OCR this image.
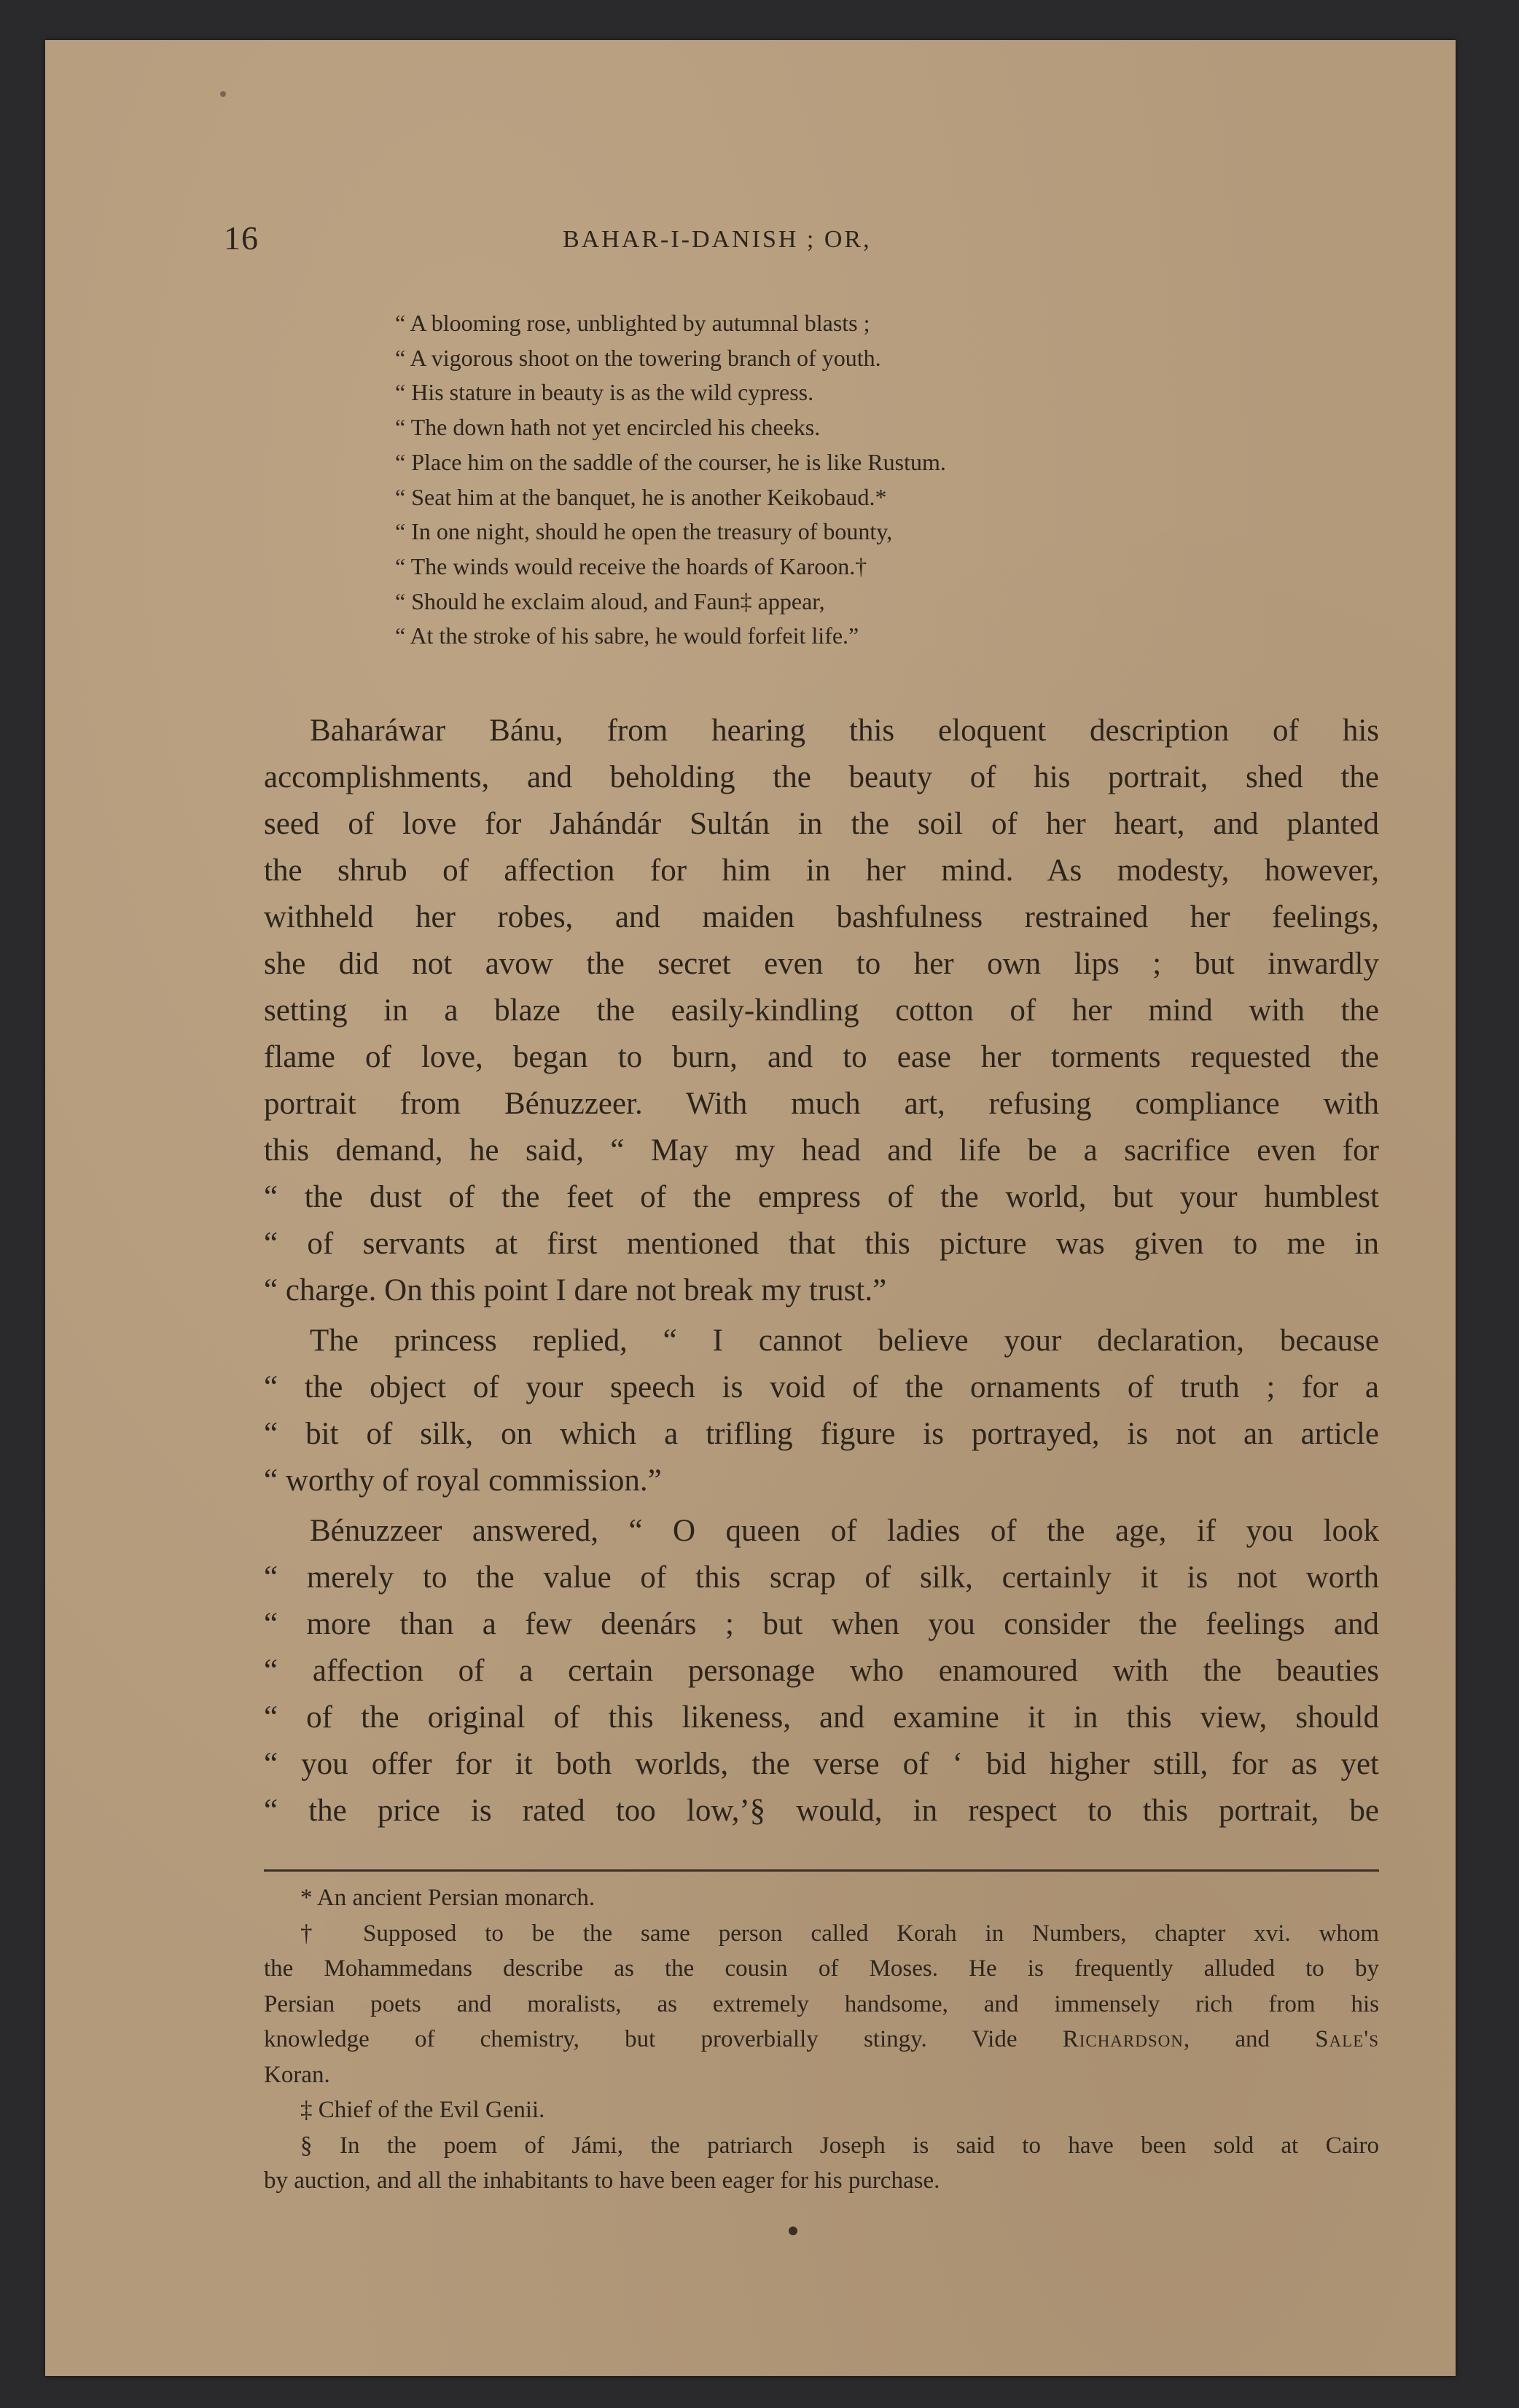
16	BAHAR-I-DANISH ; OR,
“ A blooming rose, unblighted by autumnal blasts ;
“ A vigorous shoot on the towering branch of youth.
“ His stature in beauty is as the wild cypress.
“ The down hath not yet encircled his cheeks.
“ Place him on the saddle of the courser, he is like Rustum.
“ Seat him at the banquet, he is another Keikobaud.*
“ In one night, should he open the treasury of bounty,
“ The winds would receive the hoards of Karoon.†
“ Should he exclaim aloud, and Faun‡ appear,
“ At the stroke of his sabre, he would forfeit life.”

Baharáwar Bánu, from hearing this eloquent description of his
accomplishments, and beholding the beauty of his portrait, shed the
seed of love for Jahándár Sultán in the soil of her heart, and planted
the shrub of affection for him in her mind. As modesty, however,
withheld her robes, and maiden bashfulness restrained her feelings,
she did not avow the secret even to her own lips ; but inwardly
setting in a blaze the easily-kindling cotton of her mind with the
flame of love, began to burn, and to ease her torments requested the
portrait from Bénuzzeer. With much art, refusing compliance with
this demand, he said, “ May my head and life be a sacrifice even for
“ the dust of the feet of the empress of the world, but your humblest
“ of servants at first mentioned that this picture was given to me in
“ charge. On this point I dare not break my trust.”

The princess replied, “ I cannot believe your declaration, because
“ the object of your speech is void of the ornaments of truth ; for a
“ bit of silk, on which a trifling figure is portrayed, is not an article
“ worthy of royal commission.”

Bénuzzeer answered, “ O queen of ladies of the age, if you look
“ merely to the value of this scrap of silk, certainly it is not worth
“ more than a few deenárs ; but when you consider the feelings and
“ affection of a certain personage who enamoured with the beauties
“ of the original of this likeness, and examine it in this view, should
“ you offer for it both worlds, the verse of ‘ bid higher still, for as yet
“ the price is rated too low,’§ would, in respect to this portrait, be

* An ancient Persian monarch.
† Supposed to be the same person called Korah in Numbers, chapter xvi. whom
the Mohammedans describe as the cousin of Moses. He is frequently alluded to by
Persian poets and moralists, as extremely handsome, and immensely rich from his
knowledge of chemistry, but proverbially stingy. Vide Richardson, and Sale's
Koran.
‡ Chief of the Evil Genii.
§ In the poem of Jámi, the patriarch Joseph is said to have been sold at Cairo
by auction, and all the inhabitants to have been eager for his purchase.
